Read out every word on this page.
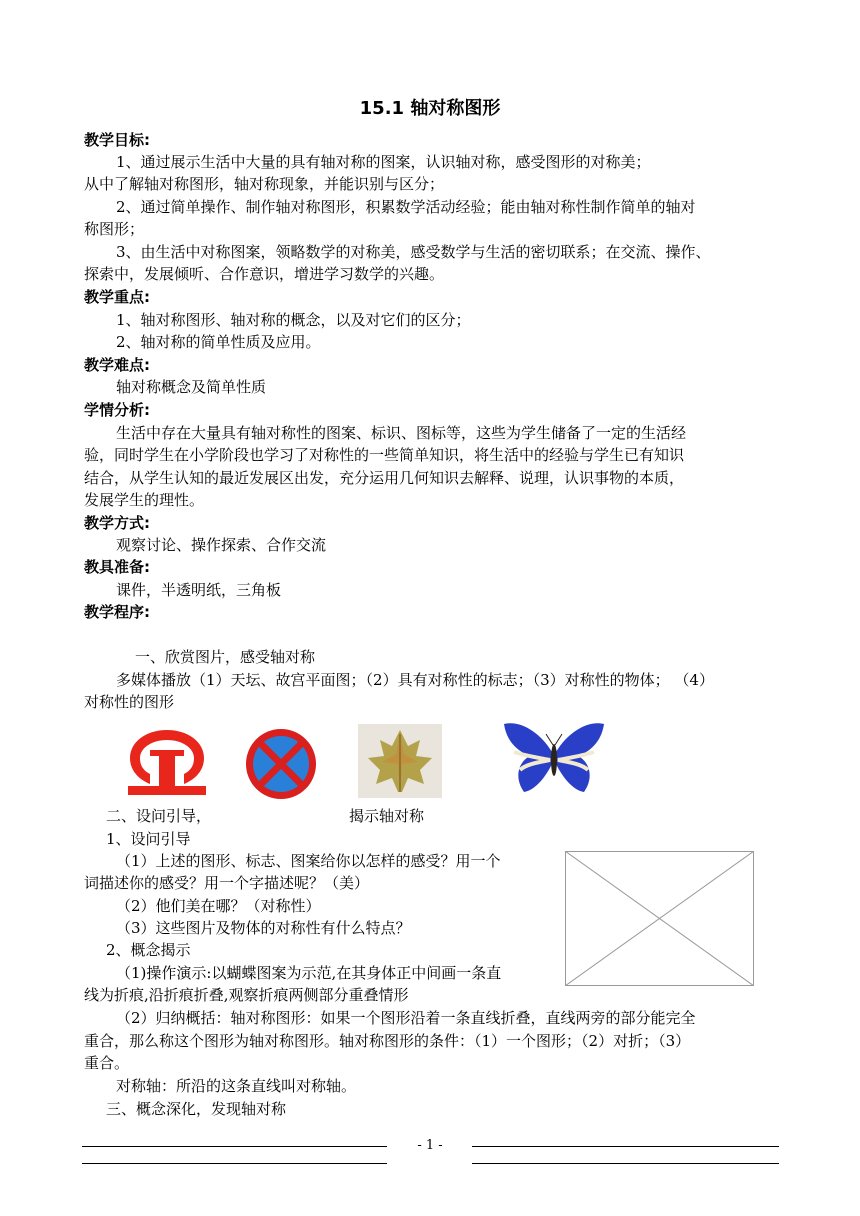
15.1 轴对称图形
教学目标:
1、通过展示生活中大量的具有轴对称的图案，认识轴对称，感受图形的对称美；
从中了解轴对称图形，轴对称现象，并能识别与区分；
2、通过简单操作、制作轴对称图形，积累数学活动经验；能由轴对称性制作简单的轴对
称图形；
3、由生活中对称图案，领略数学的对称美，感受数学与生活的密切联系；在交流、操作、
探索中，发展倾听、合作意识，增进学习数学的兴趣。
教学重点:
1、轴对称图形、轴对称的概念，以及对它们的区分；
2、轴对称的简单性质及应用。
教学难点:
轴对称概念及简单性质
学情分析:
生活中存在大量具有轴对称性的图案、标识、图标等，这些为学生储备了一定的生活经
验，同时学生在小学阶段也学习了对称性的一些简单知识，将生活中的经验与学生已有知识
结合，从学生认知的最近发展区出发，充分运用几何知识去解释、说理，认识事物的本质，
发展学生的理性。
教学方式:
观察讨论、操作探索、合作交流
教具准备:
课件，半透明纸，三角板
教学程序:
一、欣赏图片，感受轴对称
多媒体播放（1）天坛、故宫平面图；（2）具有对称性的标志；（3）对称性的物体； （4）
对称性的图形
二、设问引导，	揭示轴对称
1、设问引导
（1）上述的图形、标志、图案给你以怎样的感受？用一个
词描述你的感受？用一个字描述呢？（美）
（2）他们美在哪？（对称性）
（3）这些图片及物体的对称性有什么特点？
2、概念揭示
（1)操作演示:以蝴蝶图案为示范,在其身体正中间画一条直
线为折痕,沿折痕折叠,观察折痕两侧部分重叠情形
（2）归纳概括：轴对称图形：如果一个图形沿着一条直线折叠，直线两旁的部分能完全
重合，那么称这个图形为轴对称图形。轴对称图形的条件：（1）一个图形；（2）对折；（3）
重合。
对称轴：所沿的这条直线叫对称轴。
三、概念深化，发现轴对称
- 1 -
